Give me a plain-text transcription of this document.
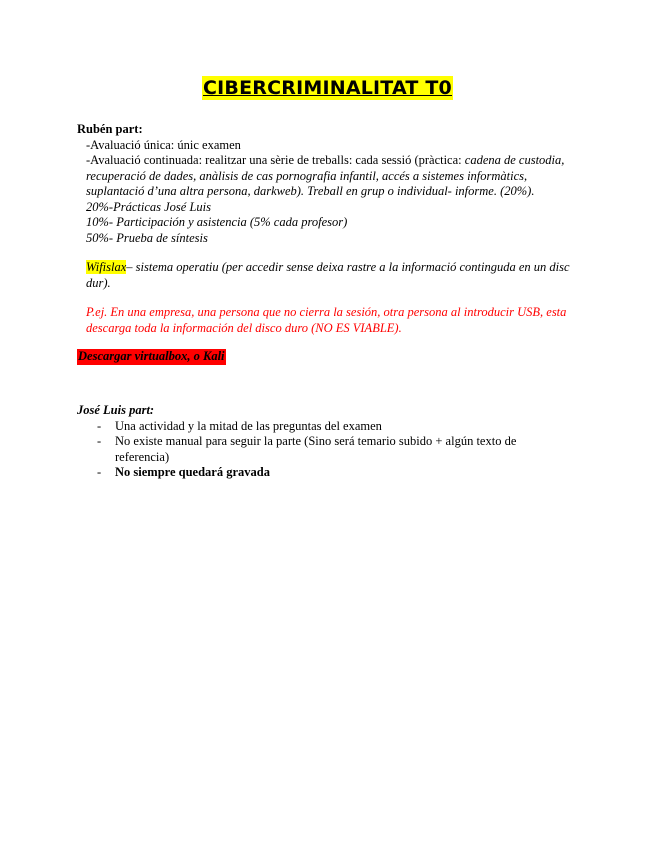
CIBERCRIMINALITAT T0
Rubén part:
-Avaluació única: únic examen
-Avaluació continuada: realitzar una sèrie de treballs: cada sessió (pràctica: cadena de custodia, recuperació de dades, anàlisis de cas pornografia infantil, accés a sistemes informàtics, suplantació d’una altra persona, darkweb). Treball en grup o individual- informe. (20%).
20%-Prácticas José Luis
10%- Participación y asistencia (5% cada profesor)
50%- Prueba de síntesis
Wifislax– sistema operatiu (per accedir sense deixa rastre a la informació continguda en un disc dur).
P.ej. En una empresa, una persona que no cierra la sesión, otra persona al introducir USB, esta descarga toda la información del disco duro (NO ES VIABLE).
Descargar virtualbox, o Kali
José Luis part:
- Una actividad y la mitad de las preguntas del examen
- No existe manual para seguir la parte (Sino será temario subido + algún texto de referencia)
- No siempre quedará gravada
